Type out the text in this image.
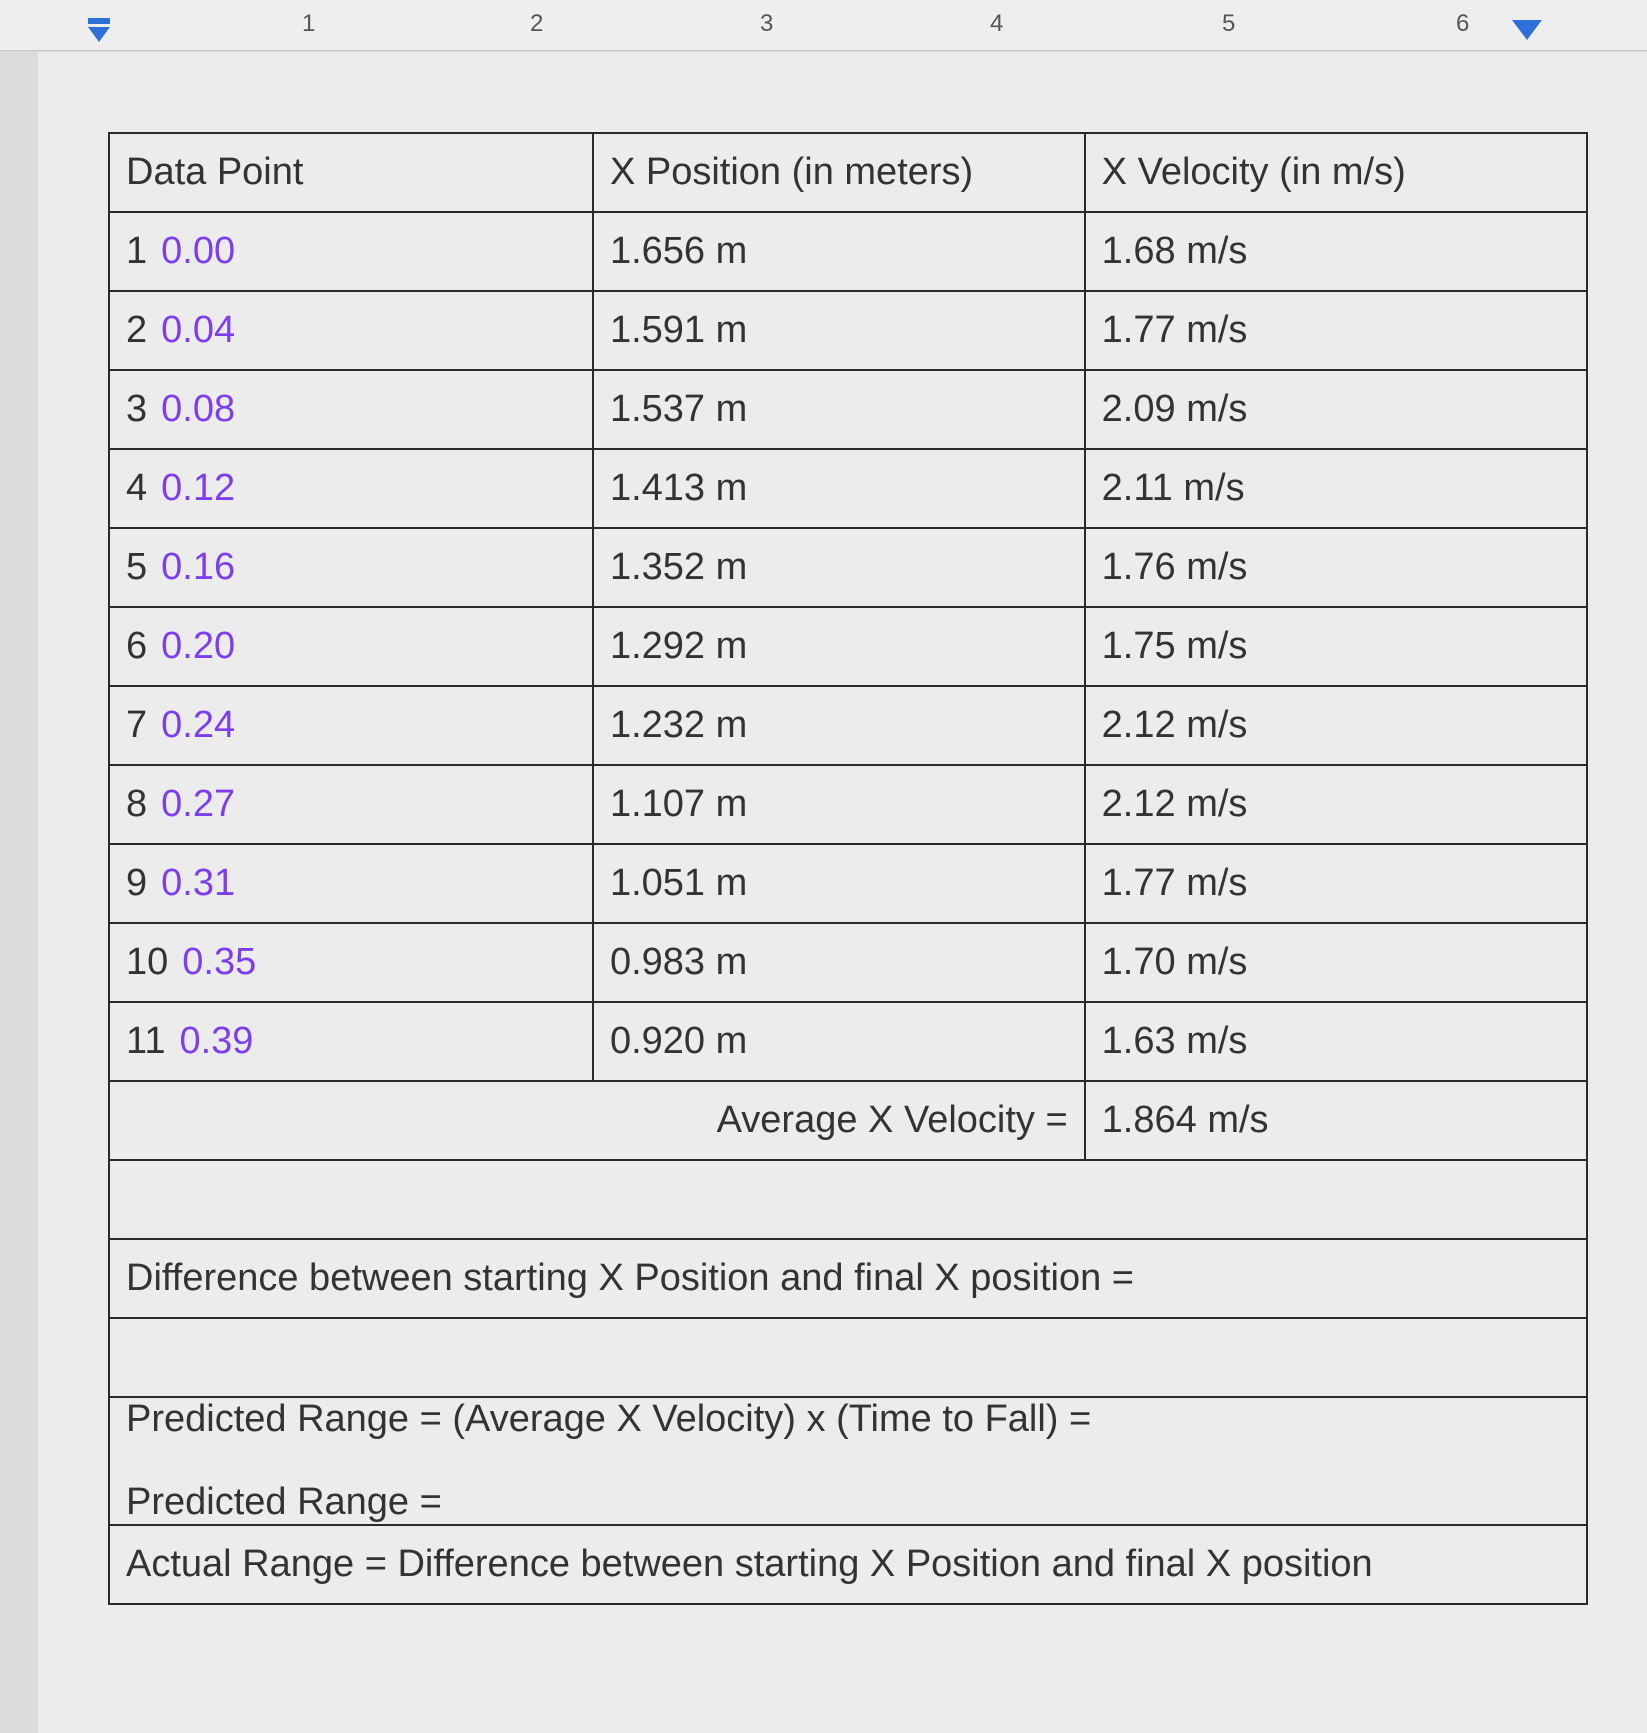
1	2	3	4	5	6
Data Point	X Position (in meters)	X Velocity (in m/s)
1 0.00	1.656 m	1.68 m/s
2 0.04	1.591 m	1.77 m/s
3 0.08	1.537 m	2.09 m/s
4 0.12	1.413 m	2.11 m/s
5 0.16	1.352 m	1.76 m/s
6 0.20	1.292 m	1.75 m/s
7 0.24	1.232 m	2.12 m/s
8 0.27	1.107 m	2.12 m/s
9 0.31	1.051 m	1.77 m/s
10 0.35	0.983 m	1.70 m/s
11 0.39	0.920 m	1.63 m/s
Average X Velocity =		1.864 m/s

Difference between starting X Position and final X position =		

Predicted Range = (Average X Velocity) x (Time to Fall) =
Predicted Range =		

Actual Range = Difference between starting X Position and final X position		
